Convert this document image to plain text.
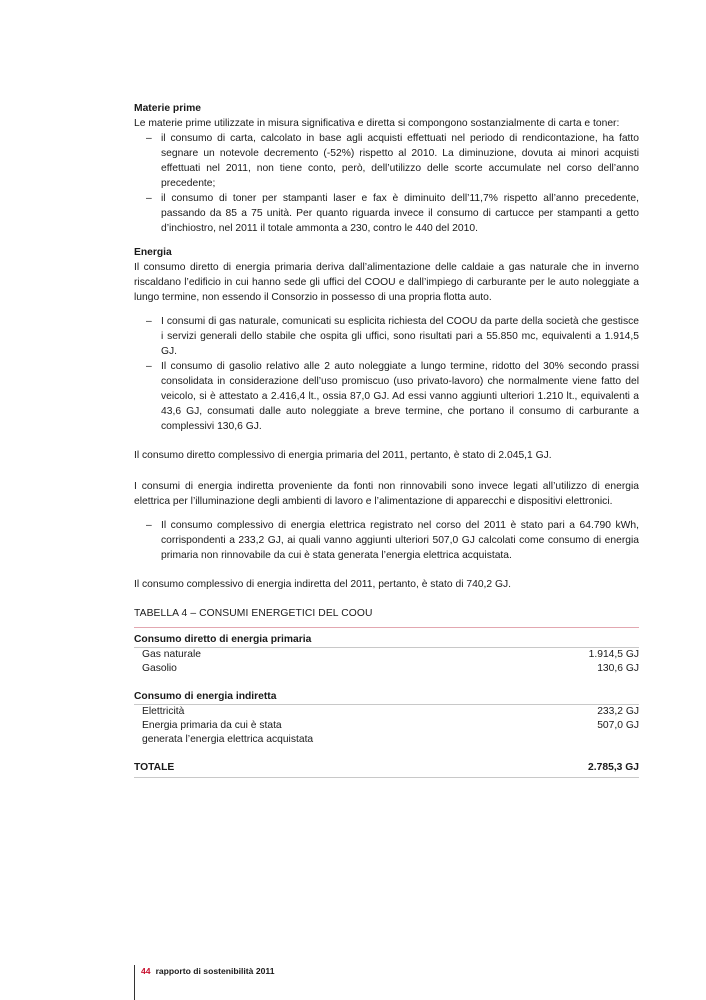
Materie prime

Le materie prime utilizzate in misura significativa e diretta si compongono sostanzialmente di carta e toner:

– il consumo di carta, calcolato in base agli acquisti effettuati nel periodo di rendicontazione, ha fatto segnare un notevole decremento (-52%) rispetto al 2010. La diminuzione, dovuta ai minori acquisti effettuati nel 2011, non tiene conto, però, dell’utilizzo delle scorte accumulate nel corso dell’anno precedente;
– il consumo di toner per stampanti laser e fax è diminuito dell’11,7% rispetto all’anno precedente, passando da 85 a 75 unità. Per quanto riguarda invece il consumo di cartucce per stampanti a getto d’inchiostro, nel 2011 il totale ammonta a 230, contro le 440 del 2010.
Energia

Il consumo diretto di energia primaria deriva dall’alimentazione delle caldaie a gas naturale che in inverno riscaldano l’edificio in cui hanno sede gli uffici del COOU e dall’impiego di carburante per le auto noleggiate a lungo termine, non essendo il Consorzio in possesso di una propria flotta auto.

– I consumi di gas naturale, comunicati su esplicita richiesta del COOU da parte della società che gestisce i servizi generali dello stabile che ospita gli uffici, sono risultati pari a 55.850 mc, equivalenti a 1.914,5 GJ.
– Il consumo di gasolio relativo alle 2 auto noleggiate a lungo termine, ridotto del 30% secondo prassi consolidata in considerazione dell’uso promiscuo (uso privato-lavoro) che normalmente viene fatto del veicolo, si è attestato a 2.416,4 lt., ossia 87,0 GJ. Ad essi vanno aggiunti ulteriori 1.210 lt., equivalenti a 43,6 GJ, consumati dalle auto noleggiate a breve termine, che portano il consumo di carburante a complessivi 130,6 GJ.

Il consumo diretto complessivo di energia primaria del 2011, pertanto, è stato di 2.045,1 GJ.

I consumi di energia indiretta proveniente da fonti non rinnovabili sono invece legati all’utilizzo di energia elettrica per l’illuminazione degli ambienti di lavoro e l’alimentazione di apparecchi e dispositivi elettronici.

– Il consumo complessivo di energia elettrica registrato nel corso del 2011 è stato pari a 64.790 kWh, corrispondenti a 233,2 GJ, ai quali vanno aggiunti ulteriori 507,0 GJ calcolati come consumo di energia primaria non rinnovabile da cui è stata generata l’energia elettrica acquistata.

Il consumo complessivo di energia indiretta del 2011, pertanto, è stato di 740,2 GJ.

TABELLA 4 – CONSUMI ENERGETICI DEL COOU
Consumo diretto di energia primaria	
Gas naturale	1.914,5 GJ
Gasolio	130,6 GJ

Consumo di energia indiretta	
Elettricità	233,2 GJ
Energia primaria da cui è stata	507,0 GJ
generata l’energia elettrica acquistata	

TOTALE	2.785,3 GJ
44 rapporto di sostenibilità 2011
